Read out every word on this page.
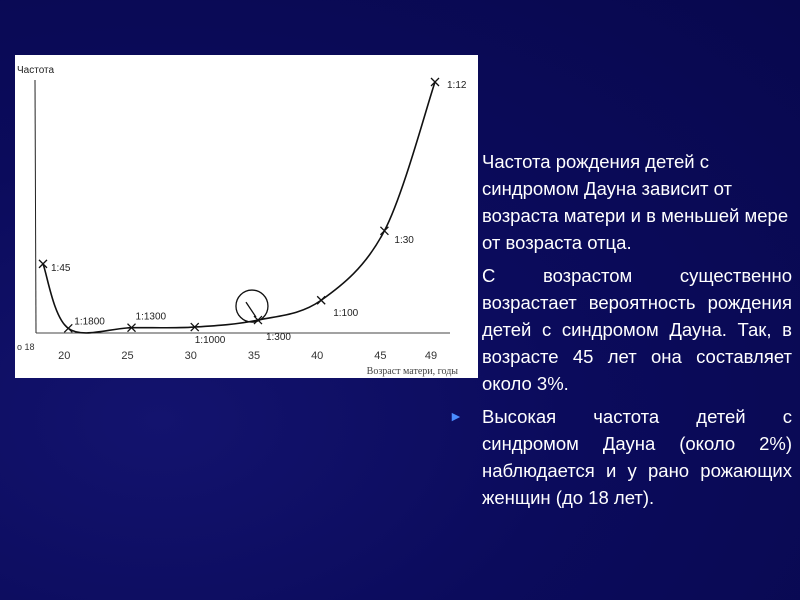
Частота
Возраст матери, годы
1:45
1:1800	1:1300
1:1000	1:300
1:100
1:30
1:12
о 18
20	25	30	35	40	45	49

Частота рождения детей с синдромом Дауна зависит от возраста матери и в меньшей мере от возраста отца.

С возрастом существенно возрастает вероятность рождения детей с синдромом Дауна. Так, в возрасте 45 лет она составляет около 3%.

► Высокая частота детей с синдромом Дауна (около 2%) наблюдается и у рано рожающих женщин (до 18 лет).
